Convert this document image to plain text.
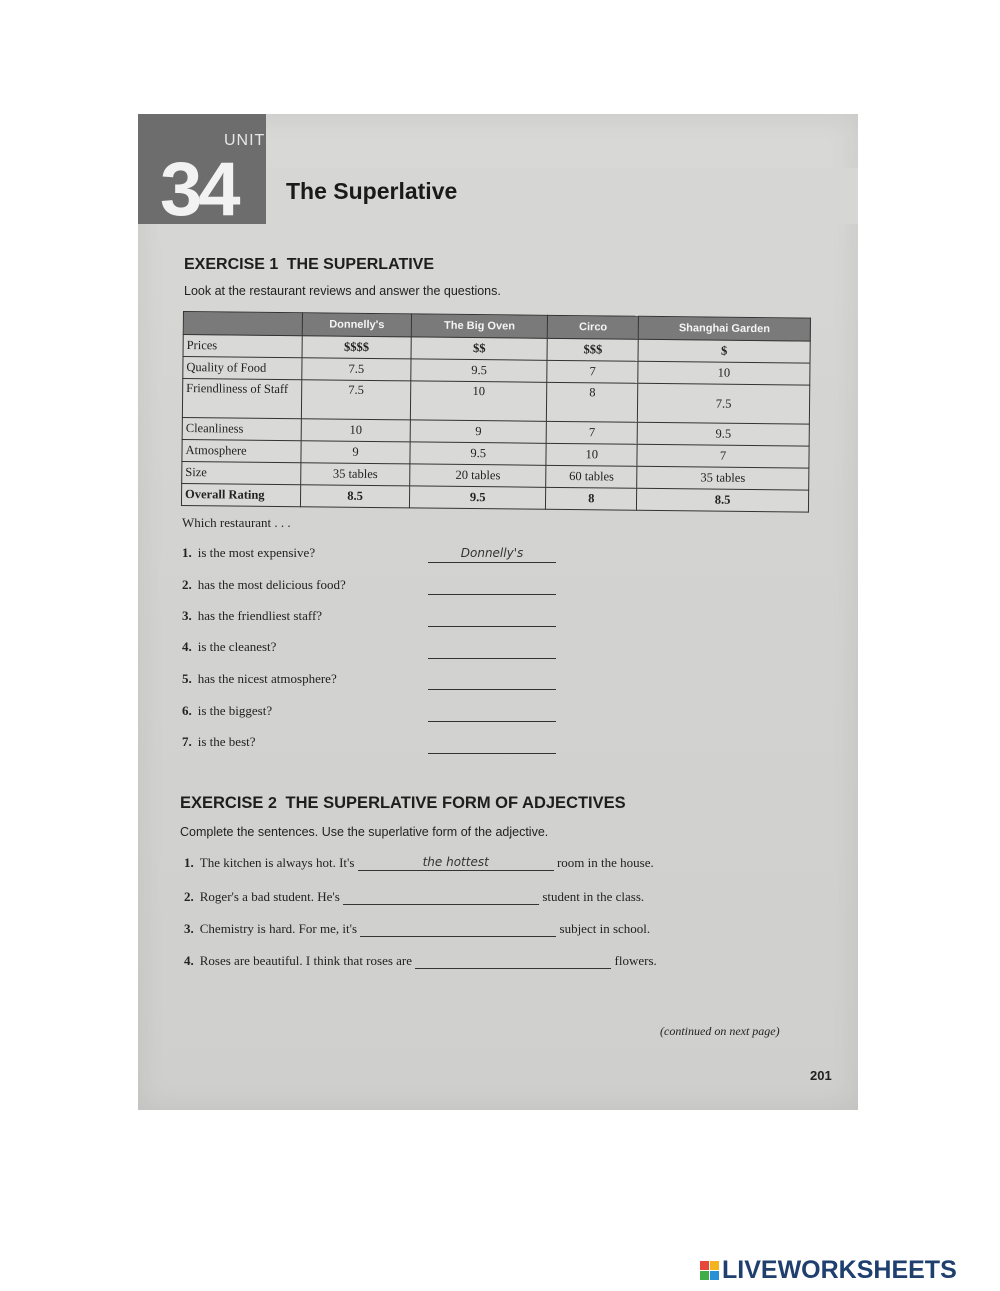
UNIT
34 The Superlative
EXERCISE 1 THE SUPERLATIVE
Look at the restaurant reviews and answer the questions.
	Donnelly's	The Big Oven	Circo	Shanghai Garden
Prices	$$$$	$$	$$$	$
Quality of Food	7.5	9.5	7	10
Friendliness of Staff	7.5	10	8	7.5
Cleanliness	10	9	7	9.5
Atmosphere	9	9.5	10	7
Size	35 tables	20 tables	60 tables	35 tables
Overall Rating	8.5	9.5	8	8.5
Which restaurant . . .
1. is the most expensive?	Donnelly's
2. has the most delicious food?
3. has the friendliest staff?
4. is the cleanest?
5. has the nicest atmosphere?
6. is the biggest?
7. is the best?
EXERCISE 2 THE SUPERLATIVE FORM OF ADJECTIVES
Complete the sentences. Use the superlative form of the adjective.
1. The kitchen is always hot. It's	the hottest	room in the house.
2. Roger's a bad student. He's	student in the class.
3. Chemistry is hard. For me, it's	subject in school.
4. Roses are beautiful. I think that roses are	flowers.
(continued on next page)
201
LIVEWORKSHEETS
